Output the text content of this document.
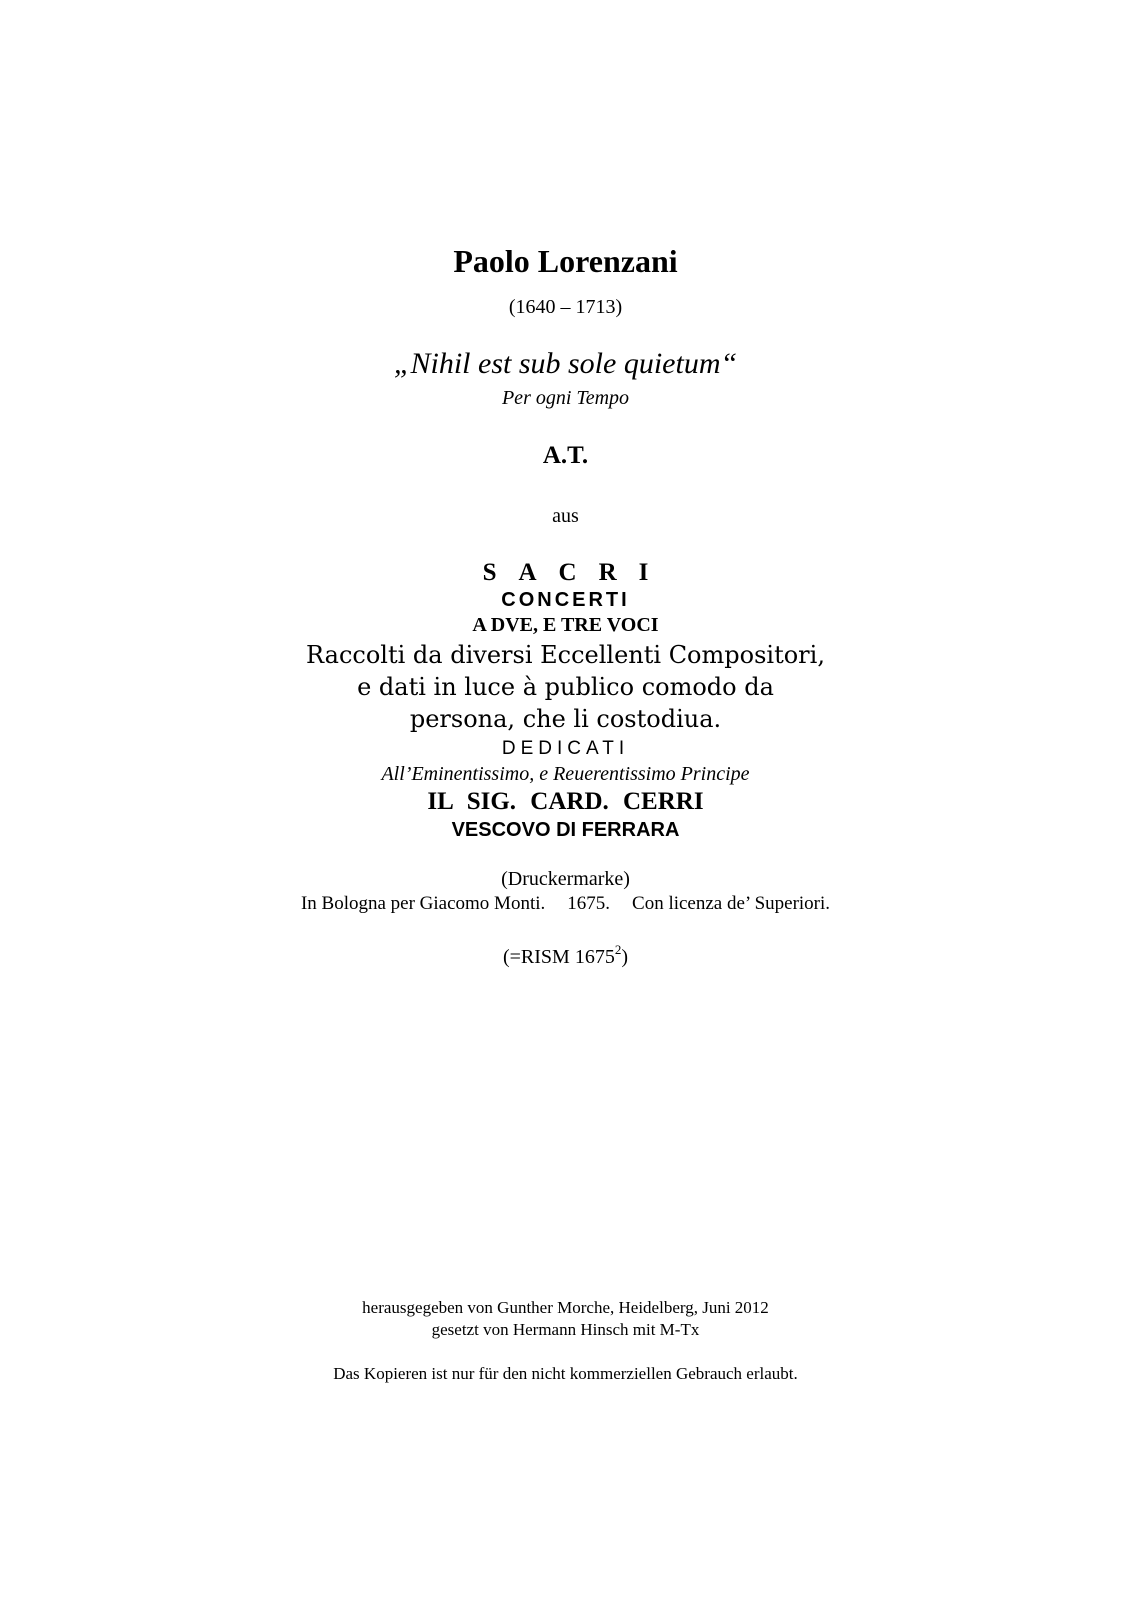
Paolo Lorenzani
(1640 – 1713)
„Nihil est sub sole quietum“
Per ogni Tempo
A.T.
aus
SACRI
CONCERTI
A DVE, E TRE VOCI
Raccolti da diversi Eccellenti Compositori,
e dati in luce à publico comodo da
persona, che li costodiua.
DEDICATI
All’Eminentissimo, e Reuerentissimo Principe
IL SIG. CARD. CERRI
VESCOVO DI FERRARA
(Druckermarke)
In Bologna per Giacomo Monti. 1675. Con licenza de’ Superiori.
(=RISM 1675$^2$)
herausgegeben von Gunther Morche, Heidelberg, Juni 2012
gesetzt von Hermann Hinsch mit M-Tx
Das Kopieren ist nur für den nicht kommerziellen Gebrauch erlaubt.
